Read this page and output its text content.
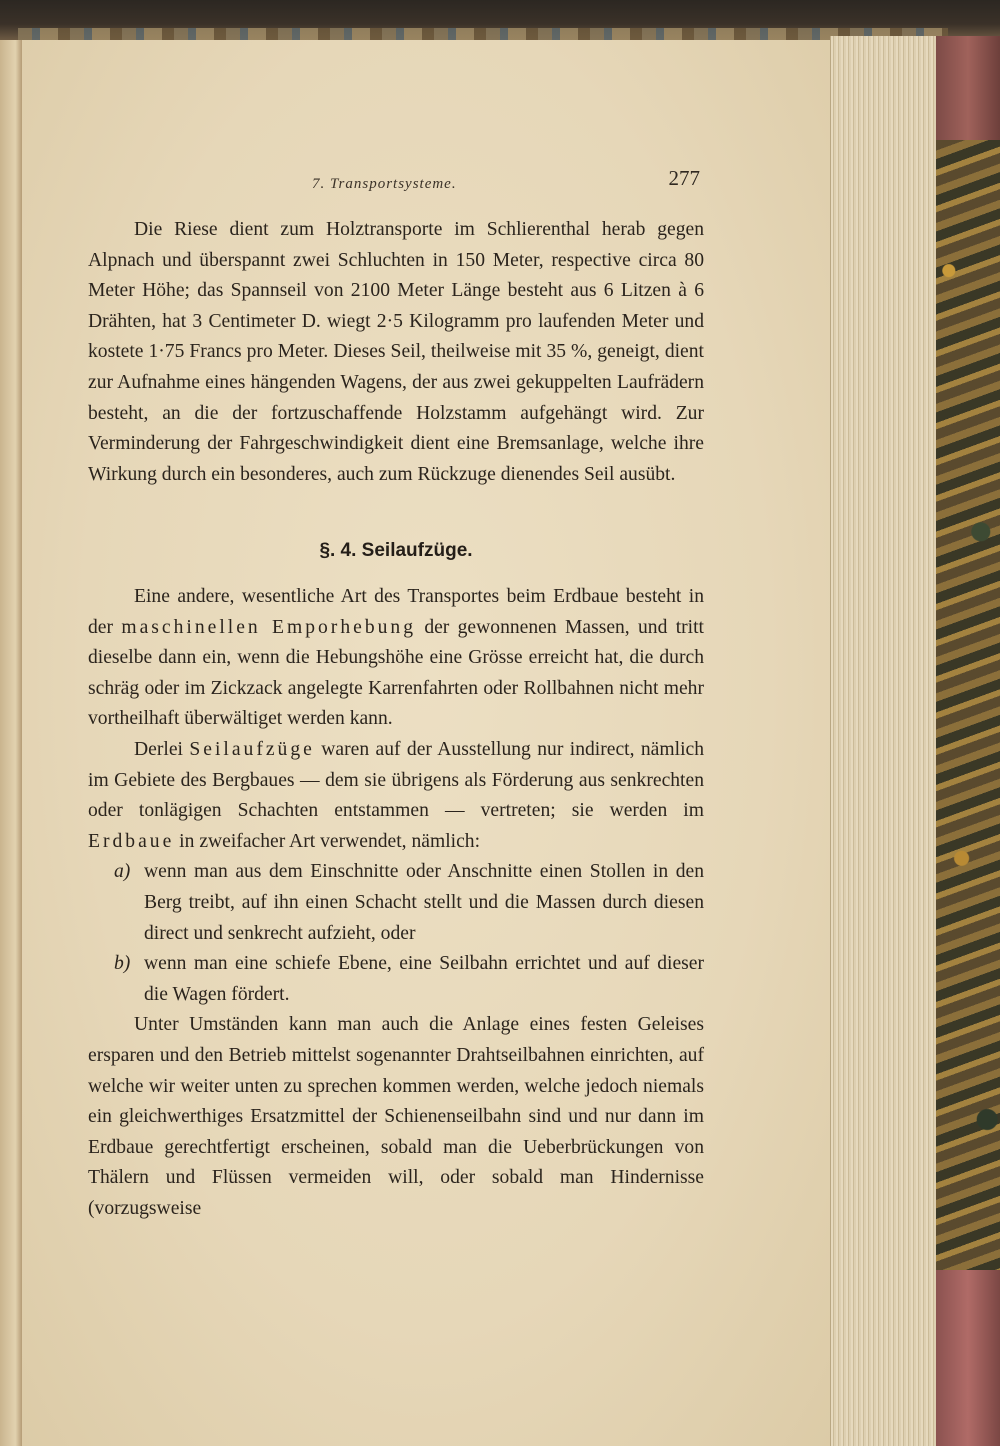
7. Transportsysteme.	277

Die Riese dient zum Holztransporte im Schlierenthal herab gegen Alpnach und überspannt zwei Schluchten in 150 Meter, respective circa 80 Meter Höhe; das Spannseil von 2100 Meter Länge besteht aus 6 Litzen à 6 Drähten, hat 3 Centimeter D. wiegt 2·5 Kilogramm pro laufenden Meter und kostete 1·75 Francs pro Meter. Dieses Seil, theilweise mit 35 %, geneigt, dient zur Aufnahme eines hängenden Wagens, der aus zwei gekuppelten Laufrädern besteht, an die der fortzuschaffende Holzstamm aufgehängt wird. Zur Verminderung der Fahrgeschwindigkeit dient eine Bremsanlage, welche ihre Wirkung durch ein besonderes, auch zum Rückzuge dienendes Seil ausübt.

§. 4. Seilaufzüge.

Eine andere, wesentliche Art des Transportes beim Erdbaue besteht in der maschinellen Emporhebung der gewonnenen Massen, und tritt dieselbe dann ein, wenn die Hebungshöhe eine Grösse erreicht hat, die durch schräg oder im Zickzack angelegte Karrenfahrten oder Rollbahnen nicht mehr vortheilhaft überwältiget werden kann.

Derlei Seilaufzüge waren auf der Ausstellung nur indirect, nämlich im Gebiete des Bergbaues — dem sie übrigens als Förderung aus senkrechten oder tonlägigen Schachten entstammen — vertreten; sie werden im Erdbaue in zweifacher Art verwendet, nämlich:

a) wenn man aus dem Einschnitte oder Anschnitte einen Stollen in den Berg treibt, auf ihn einen Schacht stellt und die Massen durch diesen direct und senkrecht aufzieht, oder

b) wenn man eine schiefe Ebene, eine Seilbahn errichtet und auf dieser die Wagen fördert.

Unter Umständen kann man auch die Anlage eines festen Geleises ersparen und den Betrieb mittelst sogenannter Drahtseilbahnen einrichten, auf welche wir weiter unten zu sprechen kommen werden, welche jedoch niemals ein gleichwerthiges Ersatzmittel der Schienenseilbahn sind und nur dann im Erdbaue gerechtfertigt erscheinen, sobald man die Ueberbrückungen von Thälern und Flüssen vermeiden will, oder sobald man Hindernisse (vorzugsweise
